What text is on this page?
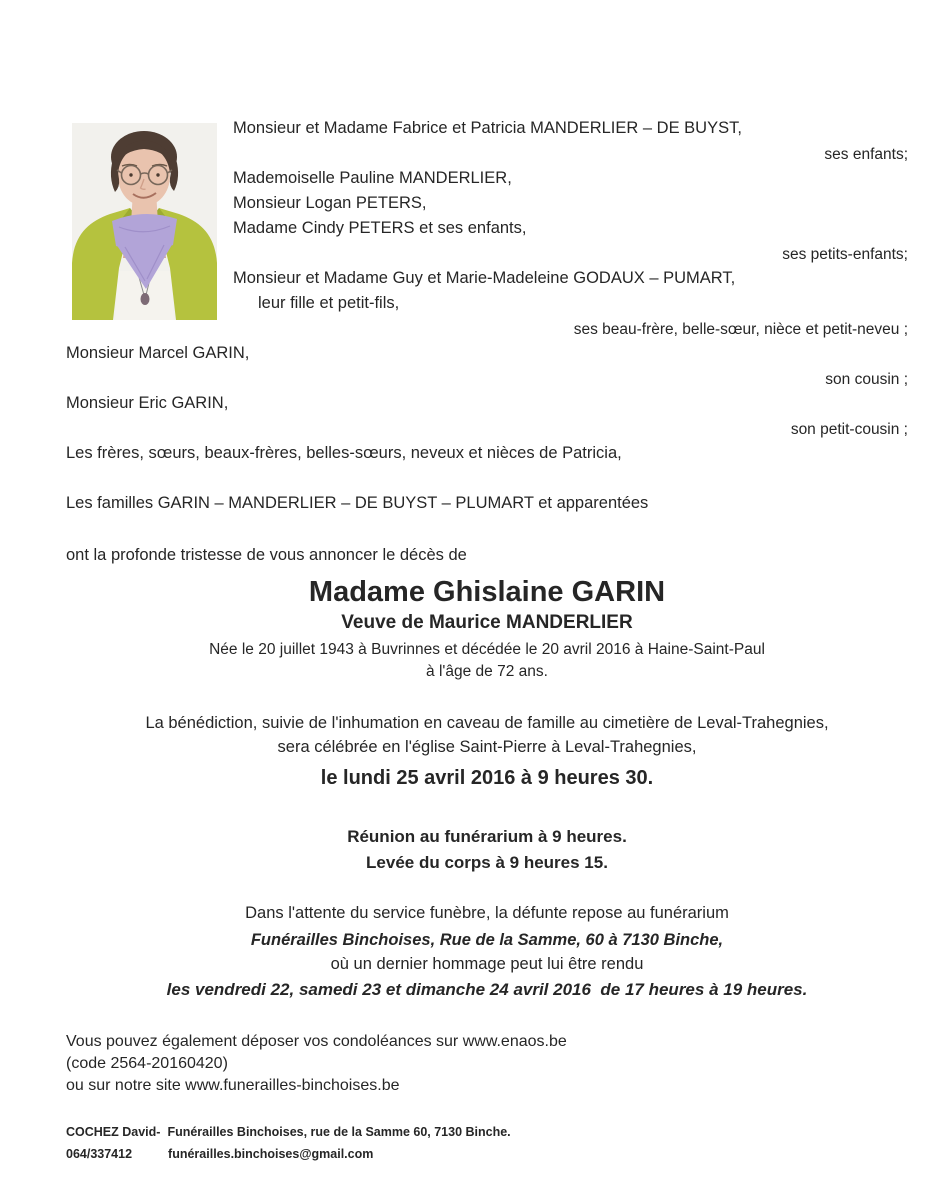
Monsieur et Madame Fabrice et Patricia MANDERLIER – DE BUYST,
ses enfants;
Mademoiselle Pauline MANDERLIER,
Monsieur Logan PETERS,
Madame Cindy PETERS et ses enfants,
ses petits-enfants;
Monsieur et Madame Guy et Marie-Madeleine GODAUX – PUMART,
leur fille et petit-fils,
ses beau-frère, belle-sœur, nièce et petit-neveu ;
Monsieur Marcel GARIN,
son cousin ;
Monsieur Eric GARIN,
son petit-cousin ;
Les frères, sœurs, beaux-frères, belles-sœurs, neveux et nièces de Patricia,
Les familles GARIN – MANDERLIER – DE BUYST – PLUMART et apparentées
ont la profonde tristesse de vous annoncer le décès de
Madame Ghislaine GARIN
Veuve de Maurice MANDERLIER
Née le 20 juillet 1943 à Buvrinnes et décédée le 20 avril 2016 à Haine-Saint-Paul
à l'âge de 72 ans.
La bénédiction, suivie de l'inhumation en caveau de famille au cimetière de Leval-Trahegnies,
sera célébrée en l'église Saint-Pierre à Leval-Trahegnies,
le lundi 25 avril 2016 à 9 heures 30.
Réunion au funérarium à 9 heures.
Levée du corps à 9 heures 15.
Dans l'attente du service funèbre, la défunte repose au funérarium
Funérailles Binchoises, Rue de la Samme, 60 à 7130 Binche,
où un dernier hommage peut lui être rendu
les vendredi 22, samedi 23 et dimanche 24 avril 2016  de 17 heures à 19 heures.
Vous pouvez également déposer vos condoléances sur www.enaos.be
(code 2564-20160420)
ou sur notre site www.funerailles-binchoises.be
COCHEZ David- Funérailles Binchoises, rue de la Samme 60, 7130 Binche.
064/337412	funérailles.binchoises@gmail.com
